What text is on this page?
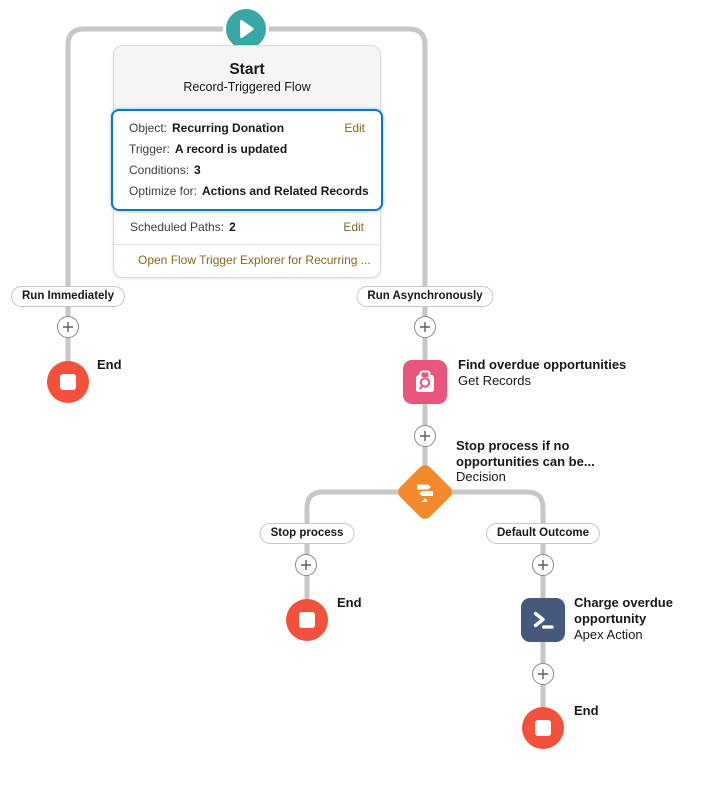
Start
Record-Triggered Flow
Object: Recurring Donation	Edit
Trigger: A record is updated
Conditions: 3
Optimize for: Actions and Related Records
Scheduled Paths: 2	Edit
Open Flow Trigger Explorer for Recurring ...
Run Immediately	Run Asynchronously
Stop process	Default Outcome
End	Find overdue opportunities
Get Records
Stop process if no opportunities can be...
Decision
End	Charge overdue opportunity
Apex Action
End
